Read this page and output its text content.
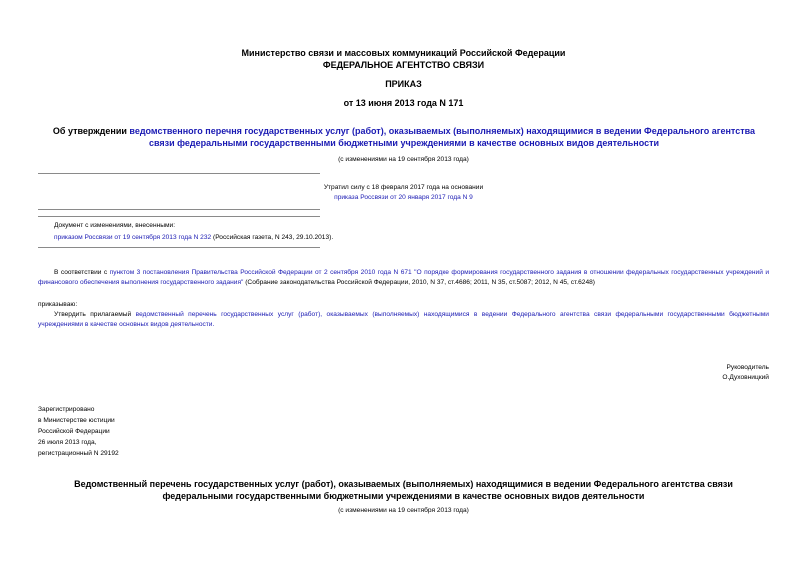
Министерство связи и массовых коммуникаций Российской Федерации
ФЕДЕРАЛЬНОЕ АГЕНТСТВО СВЯЗИ
ПРИКАЗ
от 13 июня 2013 года N 171
Об утверждении ведомственного перечня государственных услуг (работ), оказываемых (выполняемых) находящимися в ведении Федерального агентства связи федеральными государственными бюджетными учреждениями в качестве основных видов деятельности
(с изменениями на 19 сентября 2013 года)
Утратил силу с 18 февраля 2017 года на основании
приказа Россвязи от 20 января 2017 года N 9
Документ с изменениями, внесенными:
приказом Россвязи от 19 сентября 2013 года N 232 (Российская газета, N 243, 29.10.2013).
В соответствии с пунктом 3 постановления Правительства Российской Федерации от 2 сентября 2010 года N 671 "О порядке формирования государственного задания в отношении федеральных государственных учреждений и финансового обеспечения выполнения государственного задания" (Собрание законодательства Российской Федерации, 2010, N 37, ст.4686; 2011, N 35, ст.5087; 2012, N 45, ст.6248)
приказываю:
Утвердить прилагаемый ведомственный перечень государственных услуг (работ), оказываемых (выполняемых) находящимися в ведении Федерального агентства связи федеральными государственными бюджетными учреждениями в качестве основных видов деятельности.
Руководитель
О.Духовницкий
Зарегистрировано
в Министерстве юстиции
Российской Федерации
26 июля 2013 года,
регистрационный N 29192
Ведомственный перечень государственных услуг (работ), оказываемых (выполняемых) находящимися в ведении Федерального агентства связи федеральными государственными бюджетными учреждениями в качестве основных видов деятельности
(с изменениями на 19 сентября 2013 года)
